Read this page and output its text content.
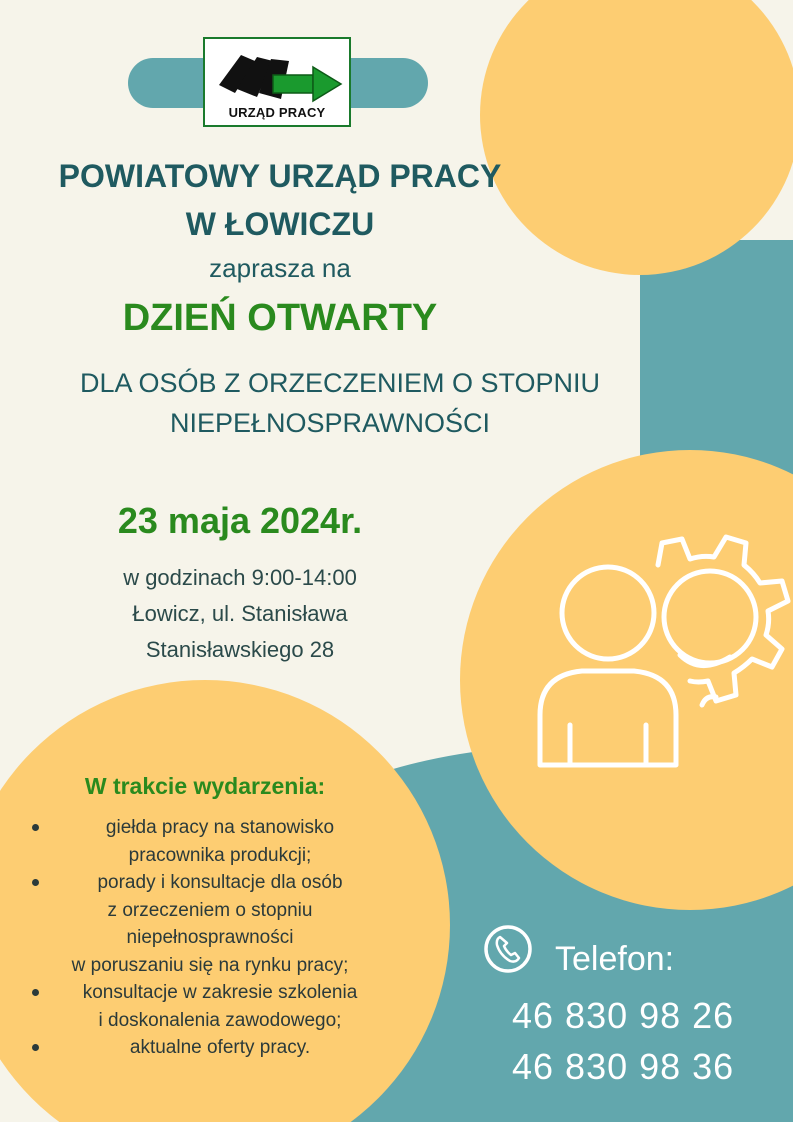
URZĄD PRACY
POWIATOWY URZĄD PRACY
W ŁOWICZU
zaprasza na
DZIEŃ OTWARTY
DLA OSÓB Z ORZECZENIEM O STOPNIU
NIEPEŁNOSPRAWNOŚCI
23 maja 2024r.
w godzinach 9:00-14:00
Łowicz, ul. Stanisława
Stanisławskiego 28
W trakcie wydarzenia:
giełda pracy na stanowisko
pracownika produkcji;
porady i konsultacje dla osób
z orzeczeniem o stopniu
niepełnosprawności
w poruszaniu się na rynku pracy;
konsultacje w zakresie szkolenia
i doskonalenia zawodowego;
aktualne oferty pracy.
Telefon:
46 830 98 26
46 830 98 36
